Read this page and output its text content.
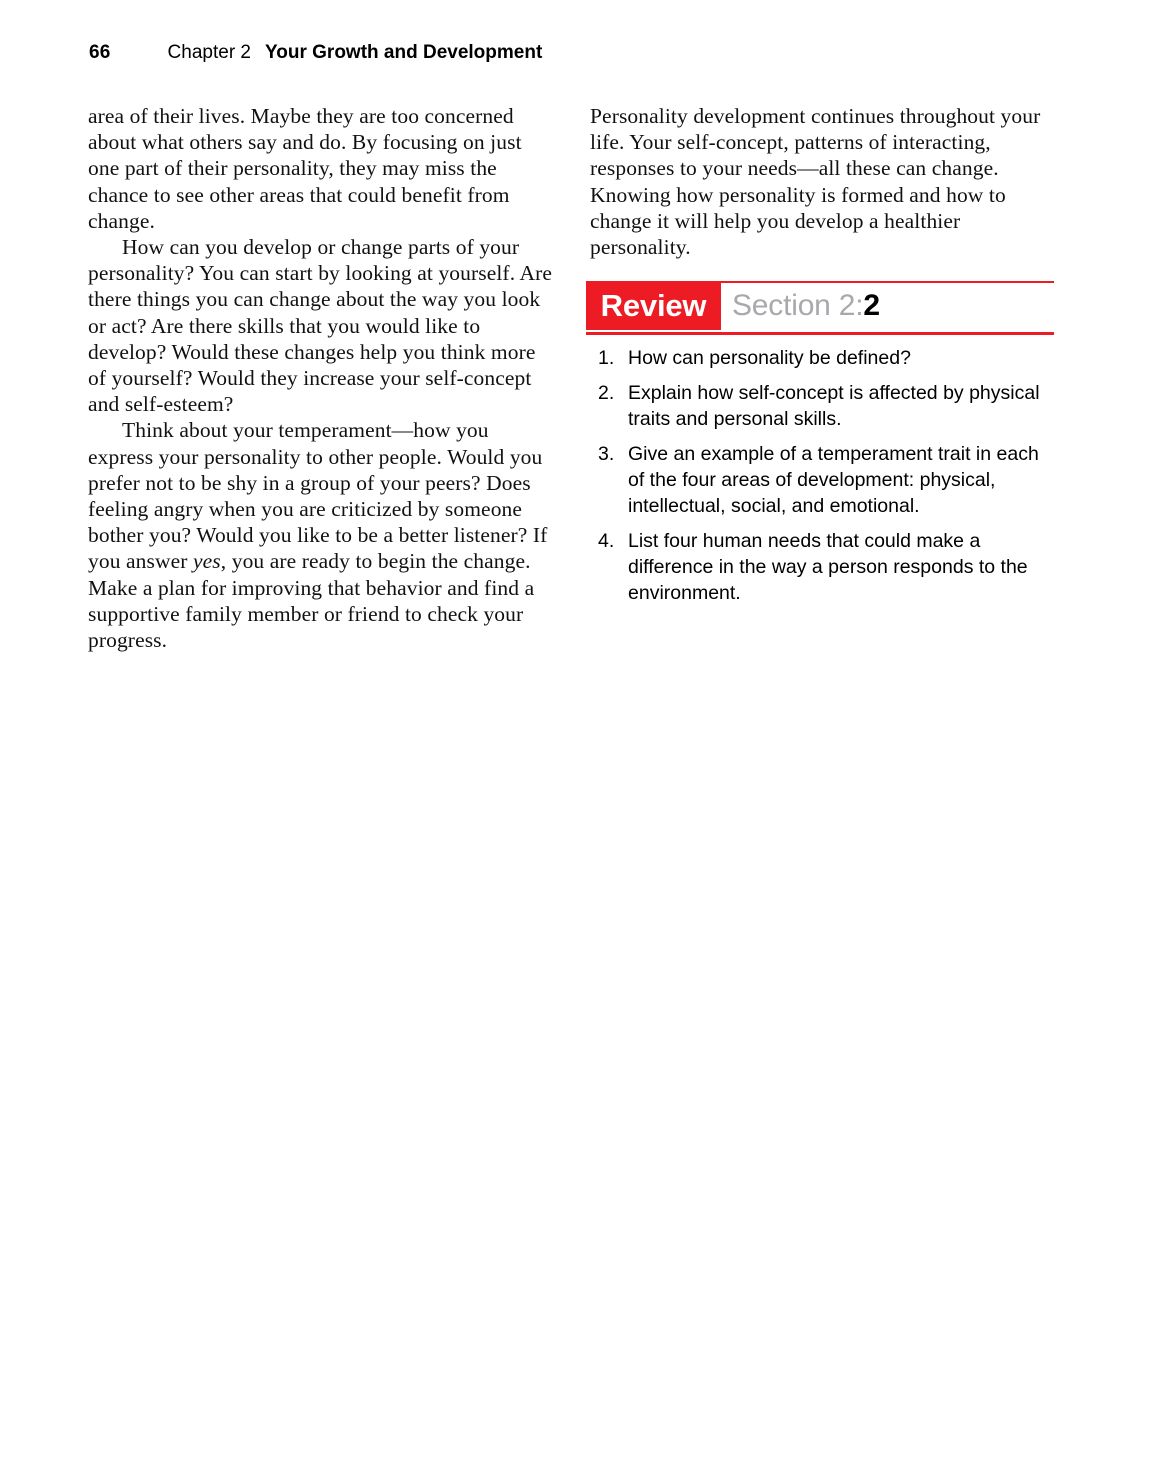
66	Chapter 2 Your Growth and Development

area of their lives. Maybe they are too concerned about what others say and do. By focusing on just one part of their personality, they may miss the chance to see other areas that could benefit from change.

How can you develop or change parts of your personality? You can start by looking at yourself. Are there things you can change about the way you look or act? Are there skills that you would like to develop? Would these changes help you think more of yourself? Would they increase your self-concept and self-esteem?

Think about your temperament—how you express your personality to other people. Would you prefer not to be shy in a group of your peers? Does feeling angry when you are criticized by someone bother you? Would you like to be a better listener? If you answer yes, you are ready to begin the change. Make a plan for improving that behavior and find a supportive family member or friend to check your progress.

Personality development continues throughout your life. Your self-concept, patterns of interacting, responses to your needs—all these can change. Knowing how personality is formed and how to change it will help you develop a healthier personality.

Review Section 2:2
1. How can personality be defined?
2. Explain how self-concept is affected by physical traits and personal skills.
3. Give an example of a temperament trait in each of the four areas of development: physical, intellectual, social, and emotional.
4. List four human needs that could make a difference in the way a person responds to the environment.
